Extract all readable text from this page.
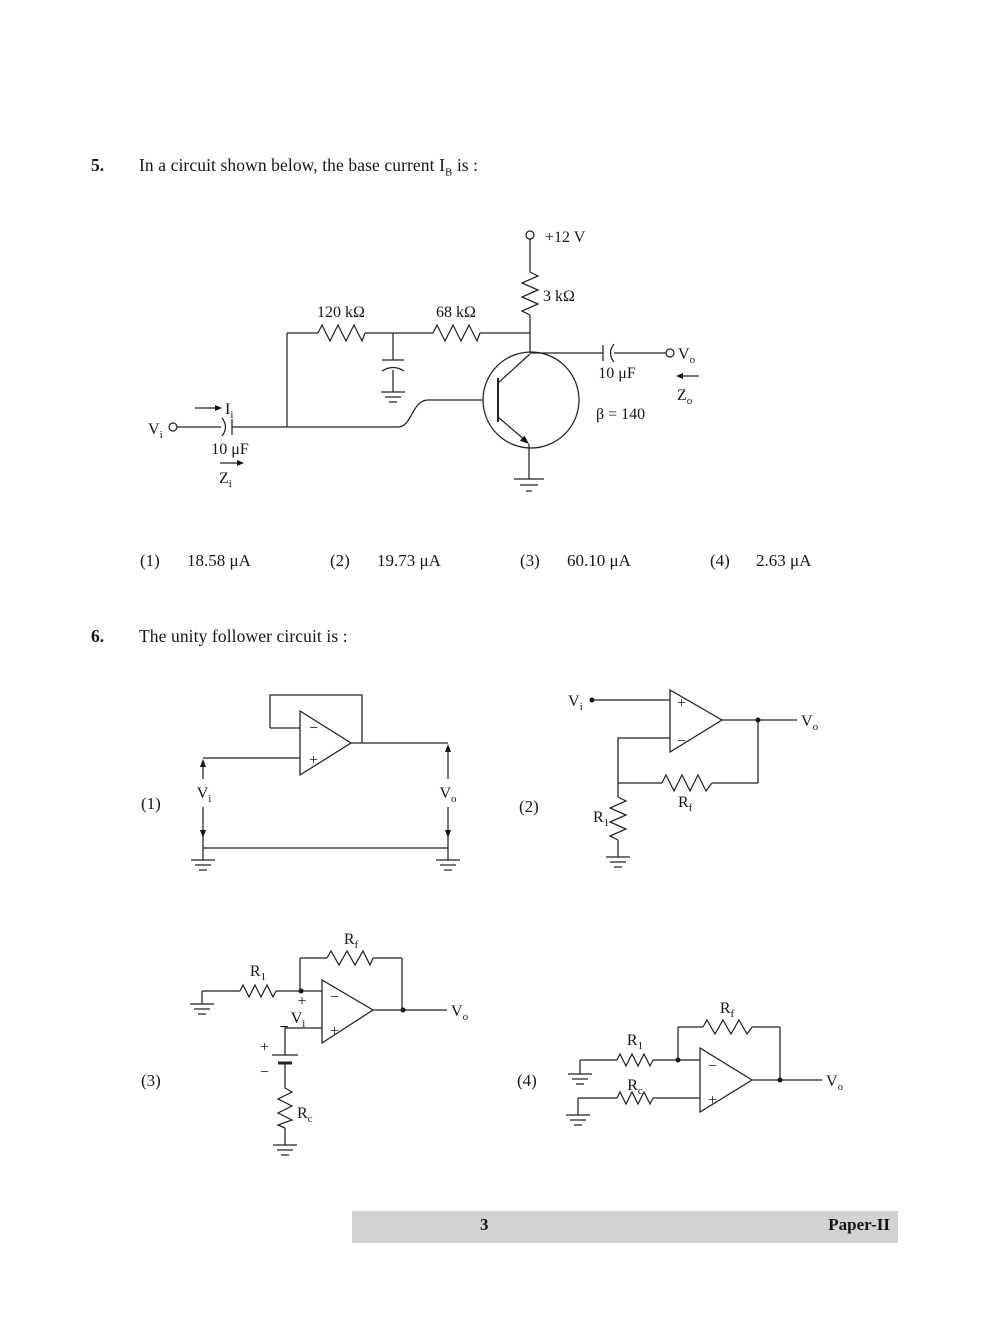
5. In a circuit shown below, the base current $I_B$ is :
+12 V
3 kΩ
120 kΩ	68 kΩ
$V_i$
10 μF
$I_i$
$Z_i$
$V_o$
10 μF
$Z_o$
β = 140
(1) 18.58 μA	(2) 19.73 μA	(3) 60.10 μA	(4) 2.63 μA
6. The unity follower circuit is :
(1)
−
+
$V_i$	$V_o$	(2)
$V_i$	+
−
$R_f$
$V_o$
$R_1$
(3)
$R_1$
$R_f$
−
+
$V_o$
+
$V_i$
−
+
−
$R_c$
(4)
$R_1$
$R_f$
$R_c$
−
+
$V_o$
3	Paper-II
